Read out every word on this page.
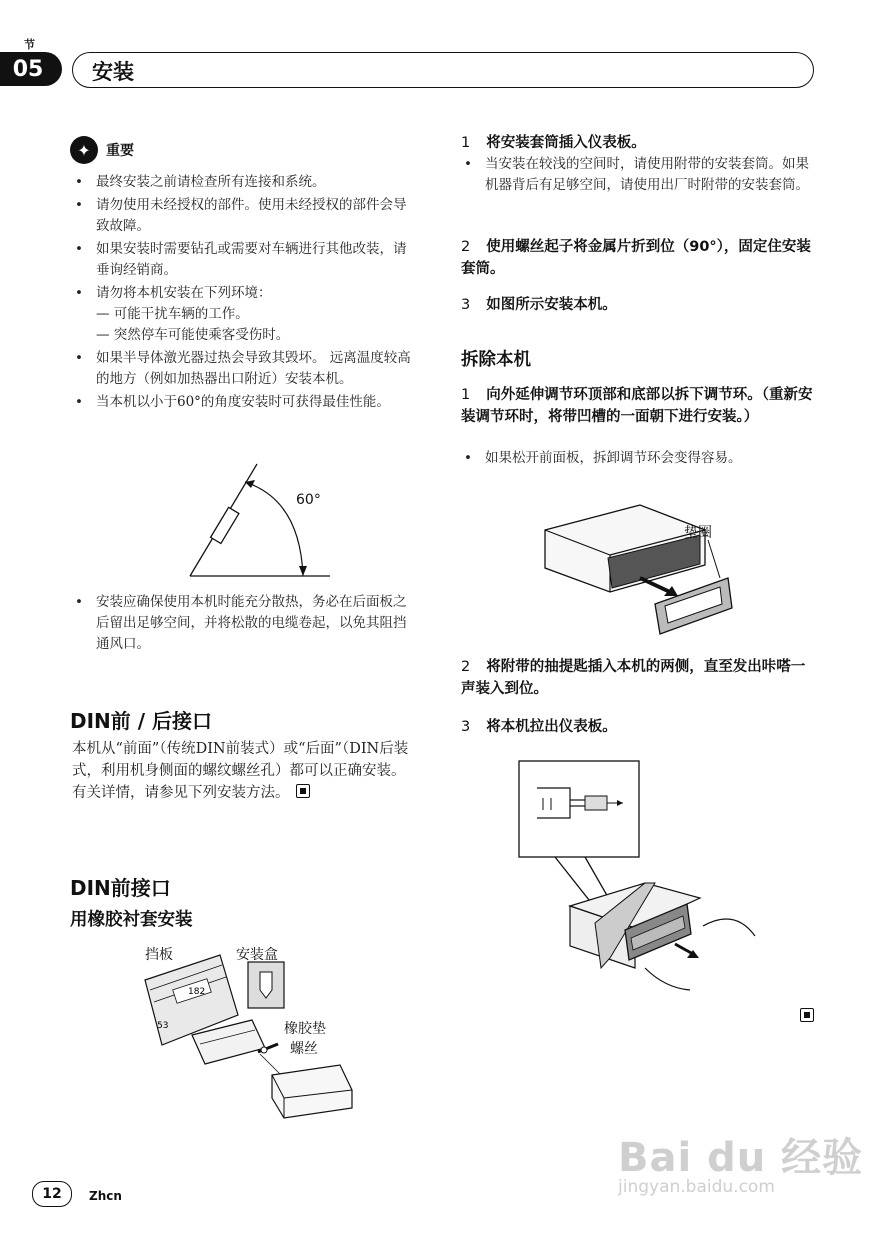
节
05	安装
✦	重要
• 最终安装之前请检查所有连接和系统。
• 请勿使用未经授权的部件。使用未经授权的部件会导致故障。
• 如果安装时需要钻孔或需要对车辆进行其他改装，请垂询经销商。
• 请勿将本机安装在下列环境：
— 可能干扰车辆的工作。
— 突然停车可能使乘客受伤时。
• 如果半导体激光器过热会导致其毁坏。 远离温度较高的地方（例如加热器出口附近）安装本机。
• 当本机以小于60°的角度安装时可获得最佳性能。
60°
• 安装应确保使用本机时能充分散热，务必在后面板之后留出足够空间，并将松散的电缆卷起，以免其阻挡通风口。
DIN前 / 后接口
本机从“前面”（传统DIN前装式）或“后面”（DIN后装式，利用机身侧面的螺纹螺丝孔）都可以正确安装。 有关详情，请参见下列安装方法。
DIN前接口
用橡胶衬套安装
182
53
挡板	安装盒
橡胶垫
螺丝
1 将安装套筒插入仪表板。
• 当安装在较浅的空间时，请使用附带的安装套筒。如果机器背后有足够空间，请使用出厂时附带的安装套筒。
2 使用螺丝起子将金属片折到位（90°），固定住安装套筒。
3 如图所示安装本机。
拆除本机
1 向外延伸调节环顶部和底部以拆下调节环。（重新安装调节环时，将带凹槽的一面朝下进行安装。）
• 如果松开前面板，拆卸调节环会变得容易。
垫圈
2 将附带的抽提匙插入本机的两侧，直至发出咔嗒一声装入到位。
3 将本机拉出仪表板。
12	Zhcn
Bai du 经验
jingyan.baidu.com
